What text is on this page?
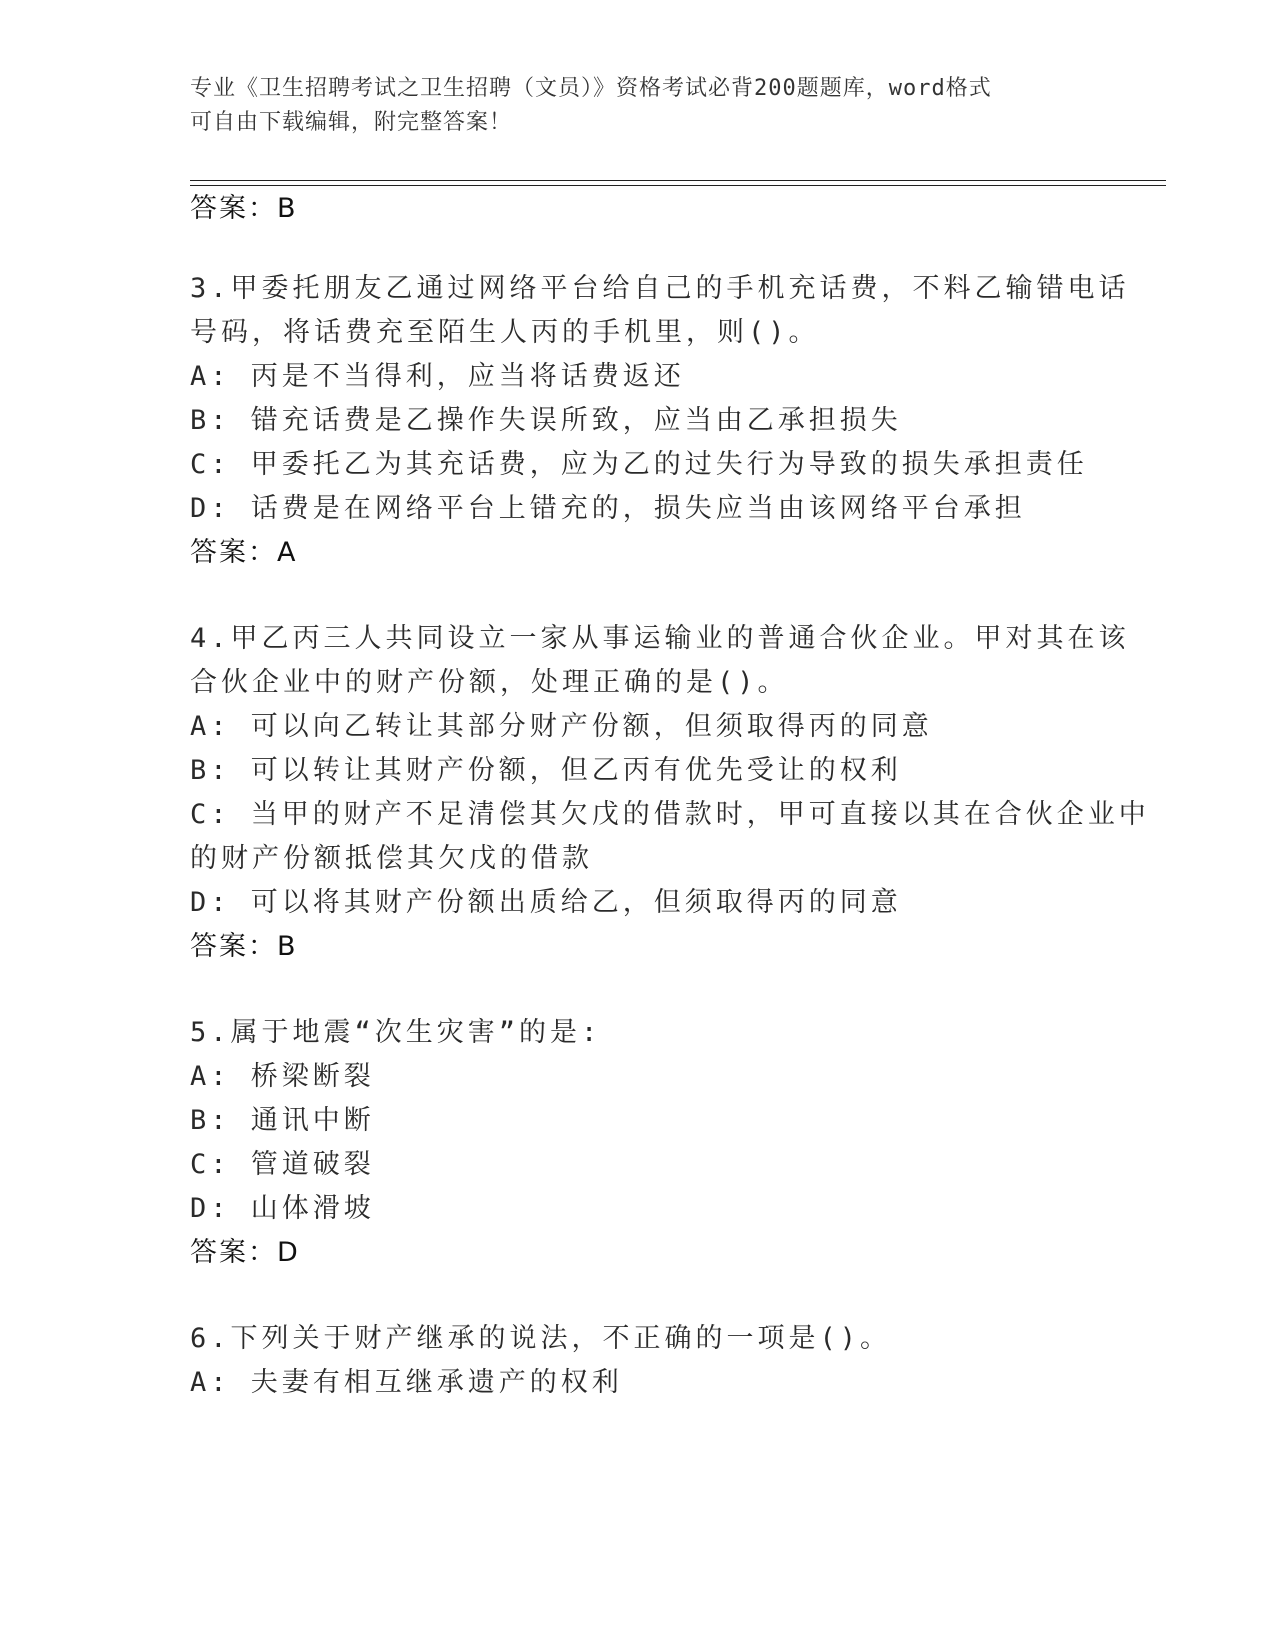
专业《卫生招聘考试之卫生招聘（文员）》资格考试必背200题题库，word格式
可自由下载编辑，附完整答案！
答案：B
3.甲委托朋友乙通过网络平台给自己的手机充话费，不料乙输错电话
号码，将话费充至陌生人丙的手机里，则()。
A: 丙是不当得利，应当将话费返还
B: 错充话费是乙操作失误所致，应当由乙承担损失
C: 甲委托乙为其充话费，应为乙的过失行为导致的损失承担责任
D: 话费是在网络平台上错充的，损失应当由该网络平台承担
答案：A
4.甲乙丙三人共同设立一家从事运输业的普通合伙企业。甲对其在该
合伙企业中的财产份额，处理正确的是()。
A: 可以向乙转让其部分财产份额，但须取得丙的同意
B: 可以转让其财产份额，但乙丙有优先受让的权利
C: 当甲的财产不足清偿其欠戊的借款时，甲可直接以其在合伙企业中
的财产份额抵偿其欠戊的借款
D: 可以将其财产份额出质给乙，但须取得丙的同意
答案：B
5.属于地震“次生灾害”的是:
A: 桥梁断裂
B: 通讯中断
C: 管道破裂
D: 山体滑坡
答案：D
6.下列关于财产继承的说法，不正确的一项是()。
A: 夫妻有相互继承遗产的权利
